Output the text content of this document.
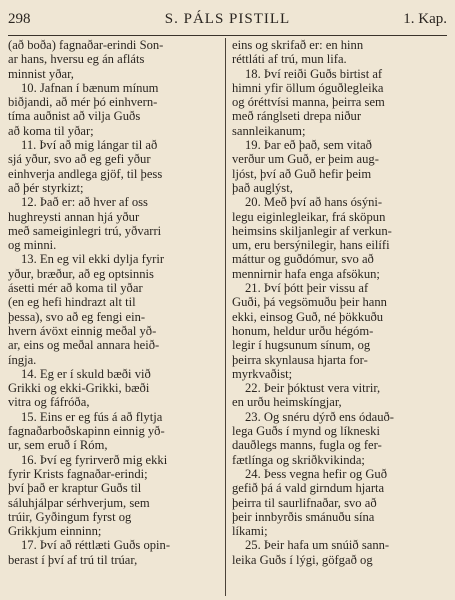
298	S. PÁLS PISTILL	1. Kap.
(að boða) fagnaðar-erindi Son-
ar hans, hversu eg án afláts
minnist yðar,
10. Jafnan í bænum mínum
biðjandi, að mér þó einhvern-
tíma auðnist að vilja Guðs
að koma til yðar;
11. Því að mig lángar til að
sjá yður, svo að eg gefi yður
einhverja andlega gjöf, til þess
að þér styrkizt;
12. Það er: að hver af oss
hughreysti annan hjá yður
með sameiginlegri trú, yðvarri
og minni.
13. En eg vil ekki dylja fyrir
yður, bræður, að eg optsinnis
ásetti mér að koma til yðar
(en eg hefi hindrazt alt til
þessa), svo að eg fengi ein-
hvern ávöxt einnig meðal yð-
ar, eins og meðal annara heið-
íngja.
14. Eg er í skuld bæði við
Grikki og ekki-Grikki, bæði
vitra og fáfróða,
15. Eins er eg fús á að flytja
fagnaðarboðskapinn einnig yð-
ur, sem eruð í Róm,
16. Því eg fyrirverð mig ekki
fyrir Krists fagnaðar-erindi;
því það er kraptur Guðs til
sáluhjálpar sérhverjum, sem
trúir, Gyðingum fyrst og
Grikkjum einninn;
17. Því að réttlæti Guðs opin-
berast í því af trú til trúar,
eins og skrifað er: en hinn
réttláti af trú, mun lifa.
18. Því reiði Guðs birtist af
himni yfir öllum óguðlegleika
og óréttvísi manna, þeirra sem
með ránglseti drepa niður
sannleikanum;
19. Þar eð það, sem vitað
verður um Guð, er þeim aug-
ljóst, því að Guð hefir þeim
það auglýst,
20. Með því að hans ósýni-
legu eiginlegleikar, frá sköpun
heimsins skiljanlegir af verkun-
um, eru bersýnilegir, hans eilífi
máttur og guðdómur, svo að
mennirnir hafa enga afsökun;
21. Því þótt þeir vissu af
Guði, þá vegsömuðu þeir hann
ekki, einsog Guð, né þökkuðu
honum, heldur urðu hégóm-
legir í hugsunum sínum, og
þeirra skynlausa hjarta for-
myrkvaðist;
22. Þeir þóktust vera vitrir,
en urðu heimskíngjar,
23. Og snéru dýrð ens ódauð-
lega Guðs í mynd og líkneski
dauðlegs manns, fugla og fer-
fætlínga og skriðkvikinda;
24. Þess vegna hefir og Guð
gefið þá á vald girndum hjarta
þeirra til saurlifnaðar, svo að
þeir innbyrðis smánuðu sína
líkami;
25. Þeir hafa um snúið sann-
leika Guðs í lýgi, göfgað og
